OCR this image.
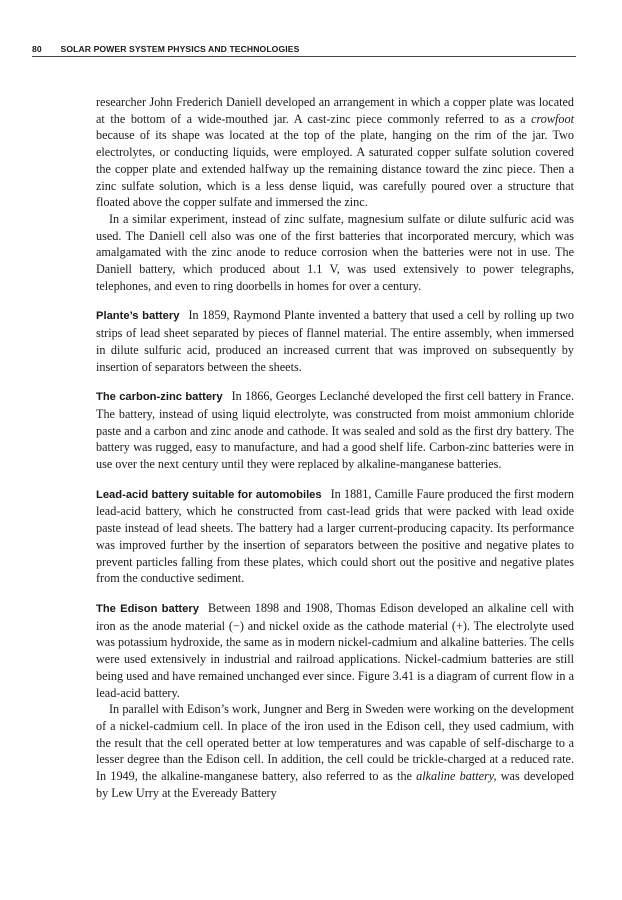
80 SOLAR POWER SYSTEM PHYSICS AND TECHNOLOGIES

researcher John Frederich Daniell developed an arrangement in which a copper plate was located at the bottom of a wide-mouthed jar. A cast-zinc piece commonly referred to as a crowfoot because of its shape was located at the top of the plate, hanging on the rim of the jar. Two electrolytes, or conducting liquids, were employed. A saturated copper sulfate solution covered the copper plate and extended halfway up the remaining distance toward the zinc piece. Then a zinc sulfate solution, which is a less dense liquid, was carefully poured over a structure that floated above the copper sulfate and immersed the zinc.

In a similar experiment, instead of zinc sulfate, magnesium sulfate or dilute sulfuric acid was used. The Daniell cell also was one of the first batteries that incorporated mercury, which was amalgamated with the zinc anode to reduce corrosion when the batteries were not in use. The Daniell battery, which produced about 1.1 V, was used extensively to power telegraphs, telephones, and even to ring doorbells in homes for over a century.

Plante’s battery In 1859, Raymond Plante invented a battery that used a cell by rolling up two strips of lead sheet separated by pieces of flannel material. The entire assembly, when immersed in dilute sulfuric acid, produced an increased current that was improved on subsequently by insertion of separators between the sheets.

The carbon-zinc battery In 1866, Georges Leclanché developed the first cell battery in France. The battery, instead of using liquid electrolyte, was constructed from moist ammonium chloride paste and a carbon and zinc anode and cathode. It was sealed and sold as the first dry battery. The battery was rugged, easy to manufacture, and had a good shelf life. Carbon-zinc batteries were in use over the next century until they were replaced by alkaline-manganese batteries.

Lead-acid battery suitable for automobiles In 1881, Camille Faure produced the first modern lead-acid battery, which he constructed from cast-lead grids that were packed with lead oxide paste instead of lead sheets. The battery had a larger current-producing capacity. Its performance was improved further by the insertion of separators between the positive and negative plates to prevent particles falling from these plates, which could short out the positive and negative plates from the conductive sediment.

The Edison battery Between 1898 and 1908, Thomas Edison developed an alkaline cell with iron as the anode material (−) and nickel oxide as the cathode material (+). The electrolyte used was potassium hydroxide, the same as in modern nickel-cadmium and alkaline batteries. The cells were used extensively in industrial and railroad applications. Nickel-cadmium batteries are still being used and have remained unchanged ever since. Figure 3.41 is a diagram of current flow in a lead-acid battery.

In parallel with Edison’s work, Jungner and Berg in Sweden were working on the development of a nickel-cadmium cell. In place of the iron used in the Edison cell, they used cadmium, with the result that the cell operated better at low temperatures and was capable of self-discharge to a lesser degree than the Edison cell. In addition, the cell could be trickle-charged at a reduced rate. In 1949, the alkaline-manganese battery, also referred to as the alkaline battery, was developed by Lew Urry at the Eveready Battery
